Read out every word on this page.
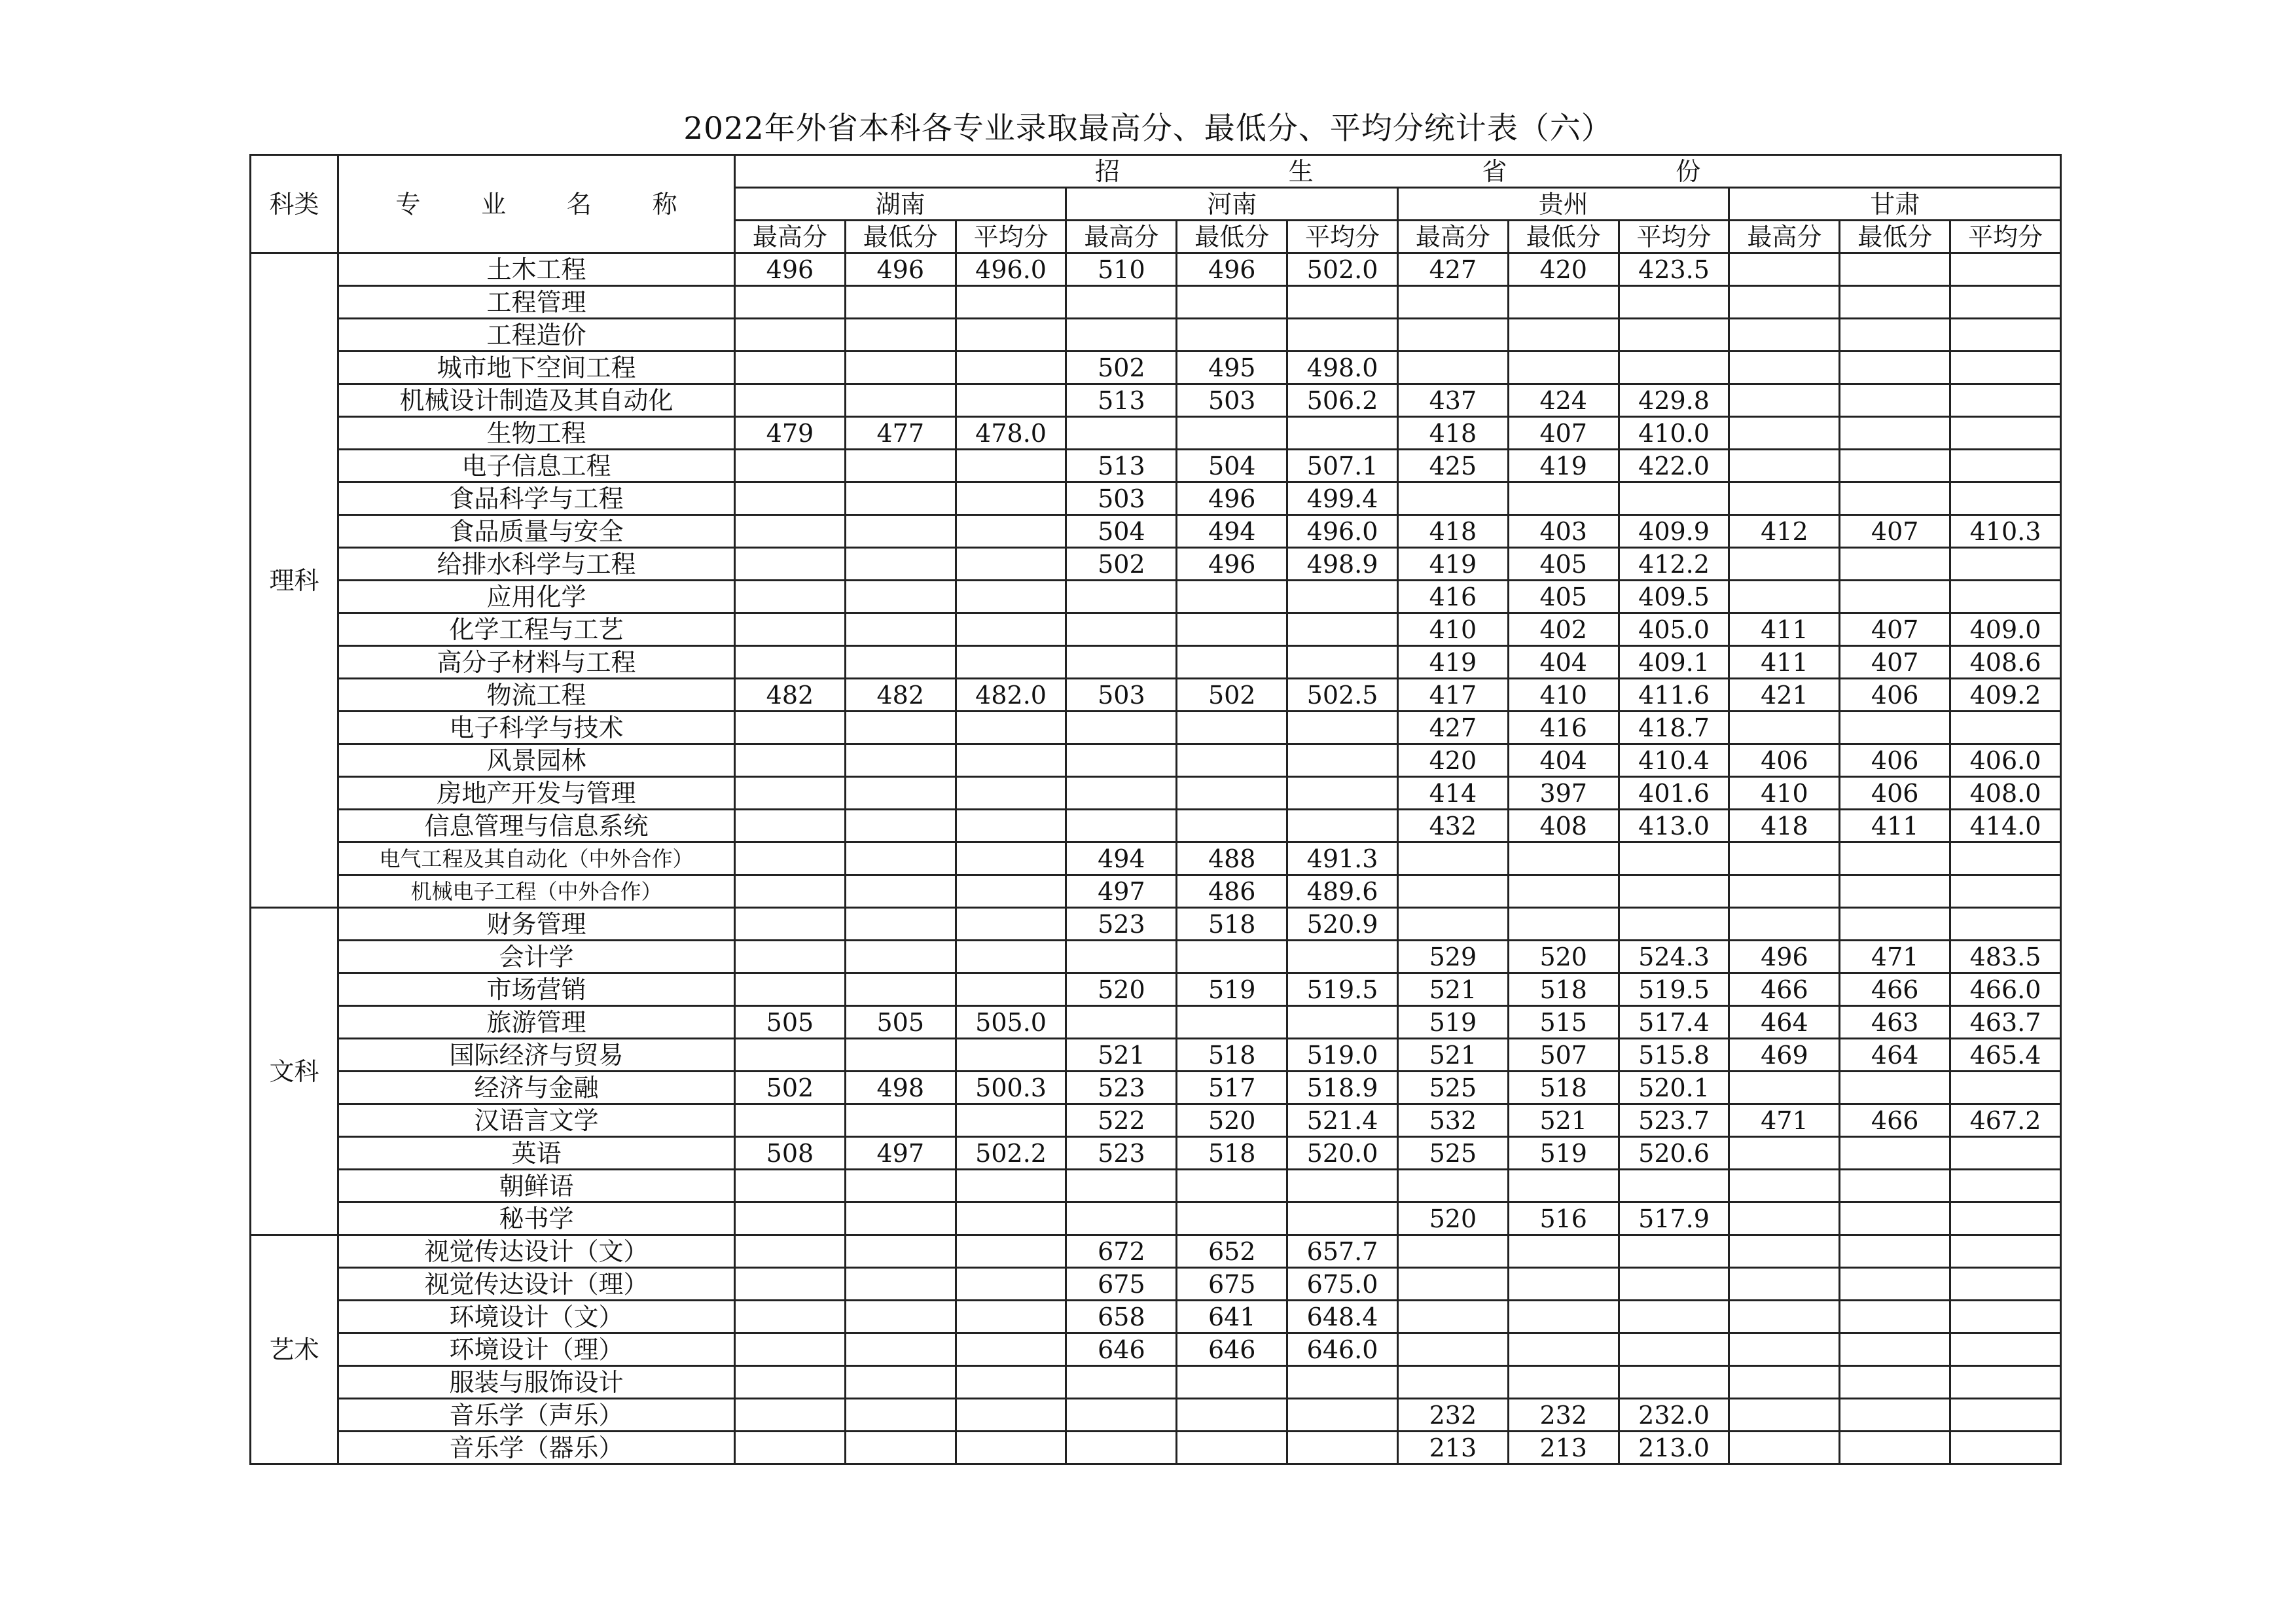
2022年外省本科各专业录取最高分、最低分、平均分统计表（六）
科类	专 业 名 称	招 生 省 份											

		湖南			河南			贵州			甘肃		
		最高分	最低分	平均分	最高分	最低分	平均分	最高分	最低分	平均分	最高分	最低分	平均分
理科	土木工程	496	496	496.0	510	496	502.0	427	420	423.5			
	工程管理												
	工程造价												
	城市地下空间工程				502	495	498.0						
	机械设计制造及其自动化				513	503	506.2	437	424	429.8			
	生物工程	479	477	478.0				418	407	410.0			
	电子信息工程				513	504	507.1	425	419	422.0			
	食品科学与工程				503	496	499.4						
	食品质量与安全				504	494	496.0	418	403	409.9	412	407	410.3
	给排水科学与工程				502	496	498.9	419	405	412.2			
	应用化学							416	405	409.5			
	化学工程与工艺							410	402	405.0	411	407	409.0
	高分子材料与工程							419	404	409.1	411	407	408.6
	物流工程	482	482	482.0	503	502	502.5	417	410	411.6	421	406	409.2
	电子科学与技术							427	416	418.7			
	风景园林							420	404	410.4	406	406	406.0
	房地产开发与管理							414	397	401.6	410	406	408.0
	信息管理与信息系统							432	408	413.0	418	411	414.0
	电气工程及其自动化（中外合作）				494	488	491.3						
	机械电子工程（中外合作）				497	486	489.6						
文科	财务管理				523	518	520.9						
	会计学							529	520	524.3	496	471	483.5
	市场营销				520	519	519.5	521	518	519.5	466	466	466.0
	旅游管理	505	505	505.0				519	515	517.4	464	463	463.7
	国际经济与贸易				521	518	519.0	521	507	515.8	469	464	465.4
	经济与金融	502	498	500.3	523	517	518.9	525	518	520.1			
	汉语言文学				522	520	521.4	532	521	523.7	471	466	467.2
	英语	508	497	502.2	523	518	520.0	525	519	520.6			
	朝鲜语												
	秘书学							520	516	517.9			
艺术	视觉传达设计（文）				672	652	657.7						
	视觉传达设计（理）				675	675	675.0						
	环境设计（文）				658	641	648.4						
	环境设计（理）				646	646	646.0						
	服装与服饰设计												
	音乐学（声乐）							232	232	232.0			
	音乐学（器乐）							213	213	213.0			
